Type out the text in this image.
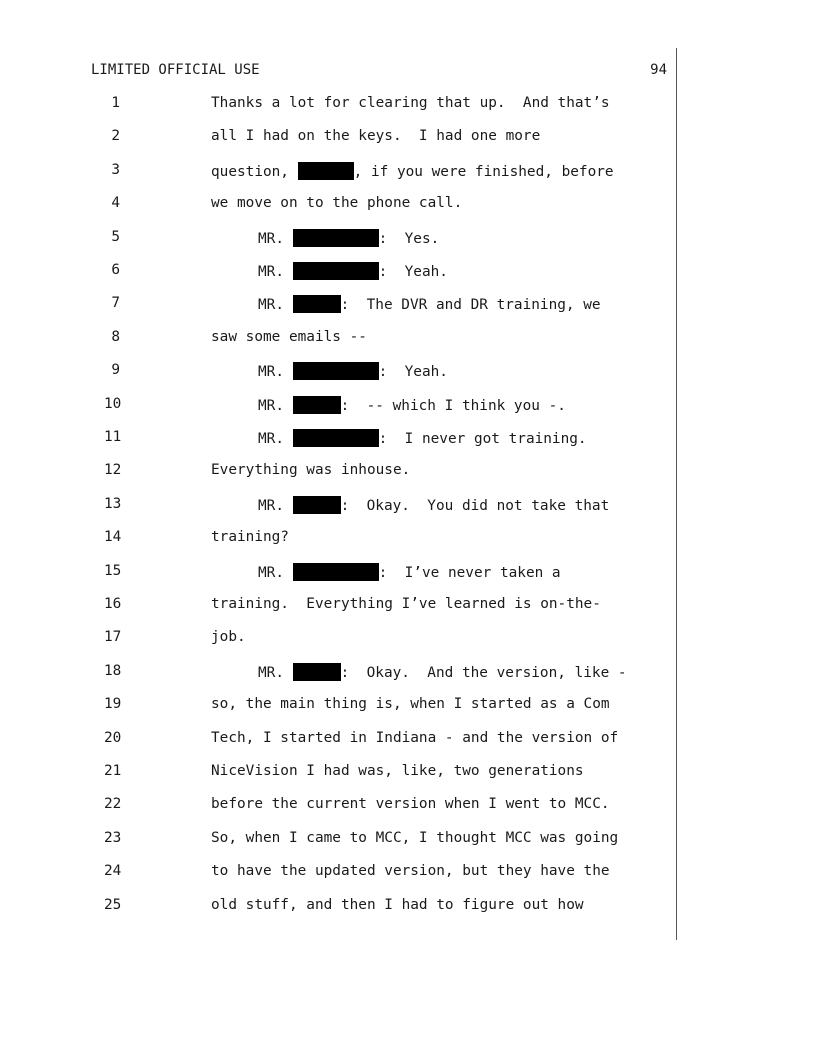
LIMITED OFFICIAL USE	94
1	Thanks a lot for clearing that up.  And that’s
2	all I had on the keys.  I had one more
3	question,	, if you were finished, before
4	we move on to the phone call.
5	MR.	:  Yes.
6	MR.	:  Yeah.
7	MR.	:  The DVR and DR training, we
8	saw some emails --
9	MR.	:  Yeah.
10	MR.	:  -- which I think you -.
11	MR.	:  I never got training.
12	Everything was inhouse.
13	MR.	:  Okay.  You did not take that
14	training?
15	MR.	:  I’ve never taken a
16	training.  Everything I’ve learned is on-the-
17	job.
18	MR.	:  Okay.  And the version, like -
19	so, the main thing is, when I started as a Com
20	Tech, I started in Indiana - and the version of
21	NiceVision I had was, like, two generations
22	before the current version when I went to MCC.
23	So, when I came to MCC, I thought MCC was going
24	to have the updated version, but they have the
25	old stuff, and then I had to figure out how
